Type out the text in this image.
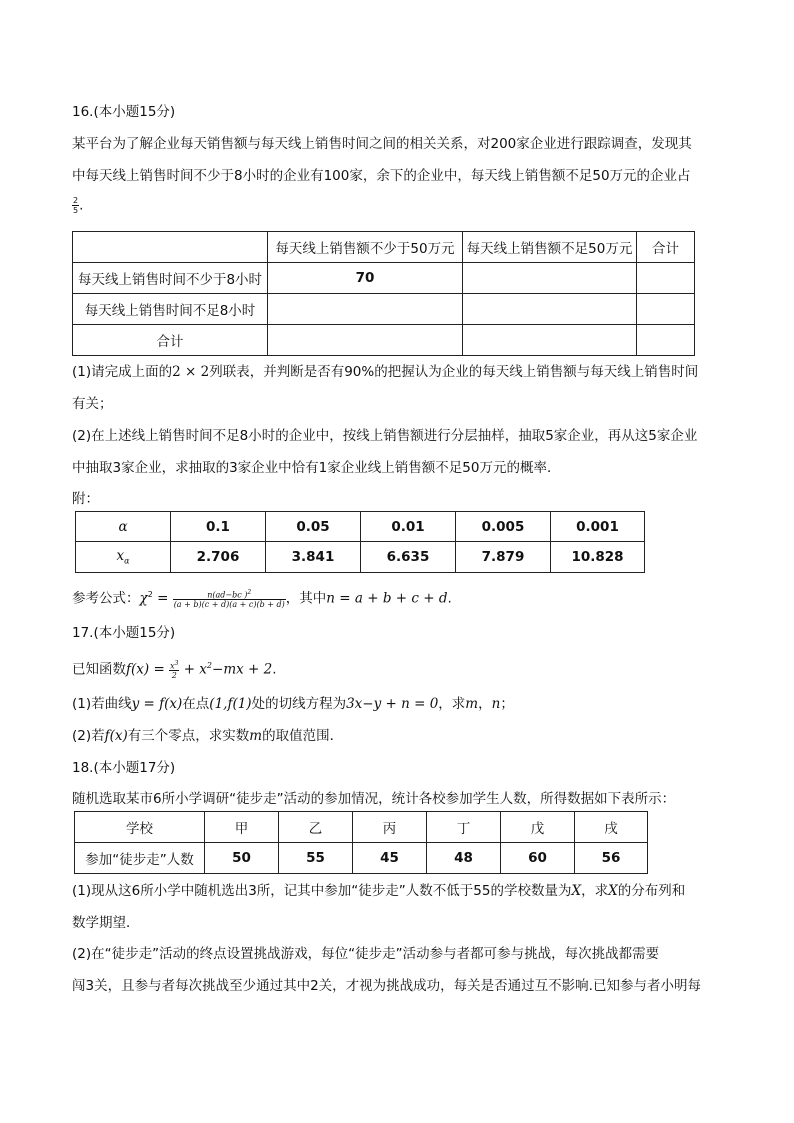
16.(本小题15分)
某平台为了解企业每天销售额与每天线上销售时间之间的相关关系，对200家企业进行跟踪调查，发现其
中每天线上销售时间不少于8小时的企业有100家，余下的企业中，每天线上销售额不足50万元的企业占
$\frac{2}{5}$ .
	每天线上销售额不少于50万元	每天线上销售额不足50万元	合计
每天线上销售时间不少于8小时	70		
每天线上销售时间不足8小时			
合计			
(1)请完成上面的2 × 2列联表，并判断是否有90%的把握认为企业的每天线上销售额与每天线上销售时间
有关；
(2)在上述线上销售时间不足8小时的企业中，按线上销售额进行分层抽样，抽取5家企业，再从这5家企业
中抽取3家企业，求抽取的3家企业中恰有1家企业线上销售额不足50万元的概率．
附：
α	0.1	0.05	0.01	0.005	0.001
$x_\alpha$	2.706	3.841	6.635	7.879	10.828
参考公式：$\chi^2 = \frac{n(ad-bc )^2}{(a + b)(c + d)(a + c)(b + d)}$ ，其中n = a + b + c + d.
17.(本小题15分)
已知函数$f(x) = \frac{x^3}{2} + x^2-mx + 2$.
(1)若曲线y = f(x)在点(1,f(1)处的切线方程为3x−y + n = 0，求m，n；
(2)若f(x)有三个零点，求实数m的取值范围．
18.(本小题17分)
随机选取某市6所小学调研“徒步走”活动的参加情况，统计各校参加学生人数，所得数据如下表所示：
学校	甲	乙	丙	丁	戊	戌
参加“徒步走”人数	50	55	45	48	60	56
(1)现从这6所小学中随机选出3所，记其中参加“徒步走”人数不低于55的学校数量为X，求X的分布列和
数学期望．
(2)在“徒步走”活动的终点设置挑战游戏，每位“徒步走”活动参与者都可参与挑战，每次挑战都需要
闯3关，且参与者每次挑战至少通过其中2关，才视为挑战成功，每关是否通过互不影响.已知参与者小明每
